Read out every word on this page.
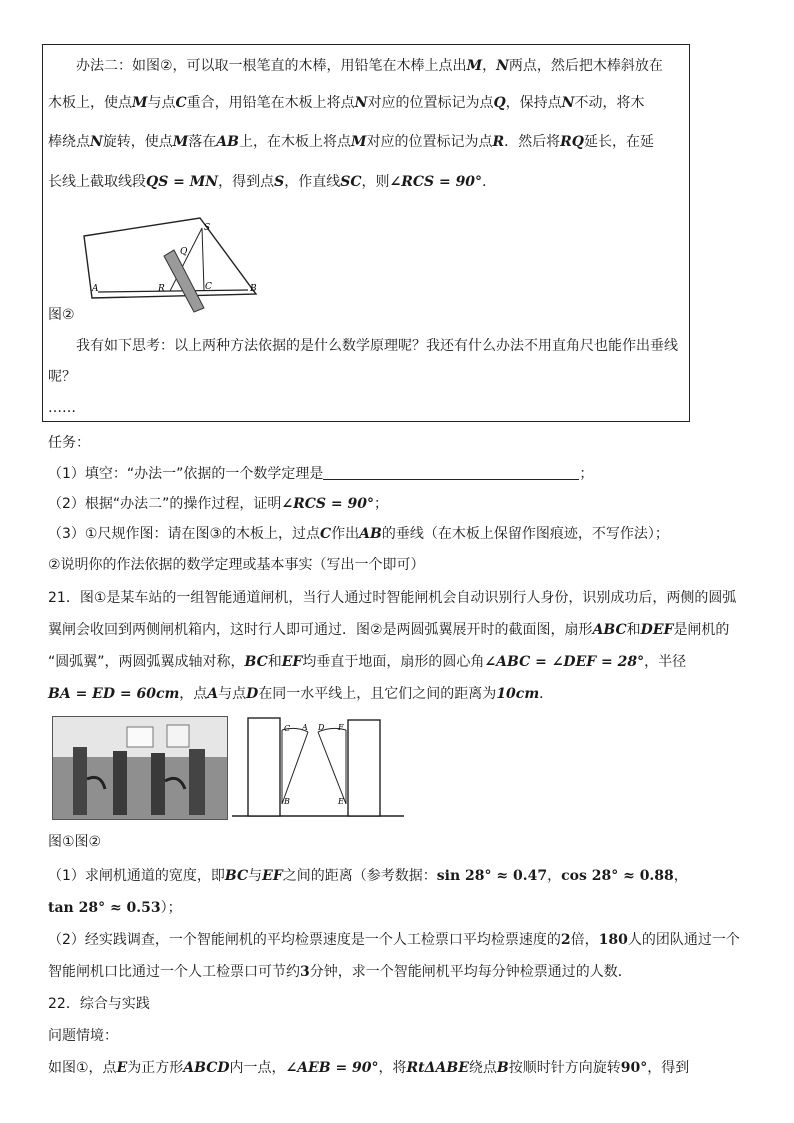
办法二：如图②，可以取一根笔直的木棒，用铅笔在木棒上点出M，N两点，然后把木棒斜放在
木板上，使点M与点C重合，用铅笔在木板上将点N对应的位置标记为点Q，保持点N不动，将木
棒绕点N旋转，使点M落在AB上，在木板上将点M对应的位置标记为点R．然后将RQ延长，在延
长线上截取线段QS = MN，得到点S，作直线SC，则∠RCS = 90°．
A	R	C	B
Q
S
图②
我有如下思考：以上两种方法依据的是什么数学原理呢？我还有什么办法不用直角尺也能作出垂线
呢？
……
任务：
（1）填空：“办法一”依据的一个数学定理是	；
（2）根据“办法二”的操作过程，证明∠RCS = 90°；
（3）①尺规作图：请在图③的木板上，过点C作出AB的垂线（在木板上保留作图痕迹，不写作法）；
②说明你的作法依据的数学定理或基本事实（写出一个即可）
21．图①是某车站的一组智能通道闸机，当行人通过时智能闸机会自动识别行人身份，识别成功后，两侧的圆弧
翼闸会收回到两侧闸机箱内，这时行人即可通过．图②是两圆弧翼展开时的截面图，扇形ABC和DEF是闸机的
“圆弧翼”，两圆弧翼成轴对称，BC和EF均垂直于地面，扇形的圆心角∠ABC = ∠DEF = 28°，半径
BA = ED = 60cm，点A与点D在同一水平线上，且它们之间的距离为10cm．
C A D F
B	E
图①图②
（1）求闸机通道的宽度，即BC与EF之间的距离（参考数据：sin 28° ≈ 0.47，cos 28° ≈ 0.88，
tan 28° ≈ 0.53）；
（2）经实践调查，一个智能闸机的平均检票速度是一个人工检票口平均检票速度的2倍，180人的团队通过一个
智能闸机口比通过一个人工检票口可节约3分钟，求一个智能闸机平均每分钟检票通过的人数．
22．综合与实践
问题情境：
如图①，点E为正方形ABCD内一点，∠AEB = 90°，将RtΔABE绕点B按顺时针方向旋转90°，得到
